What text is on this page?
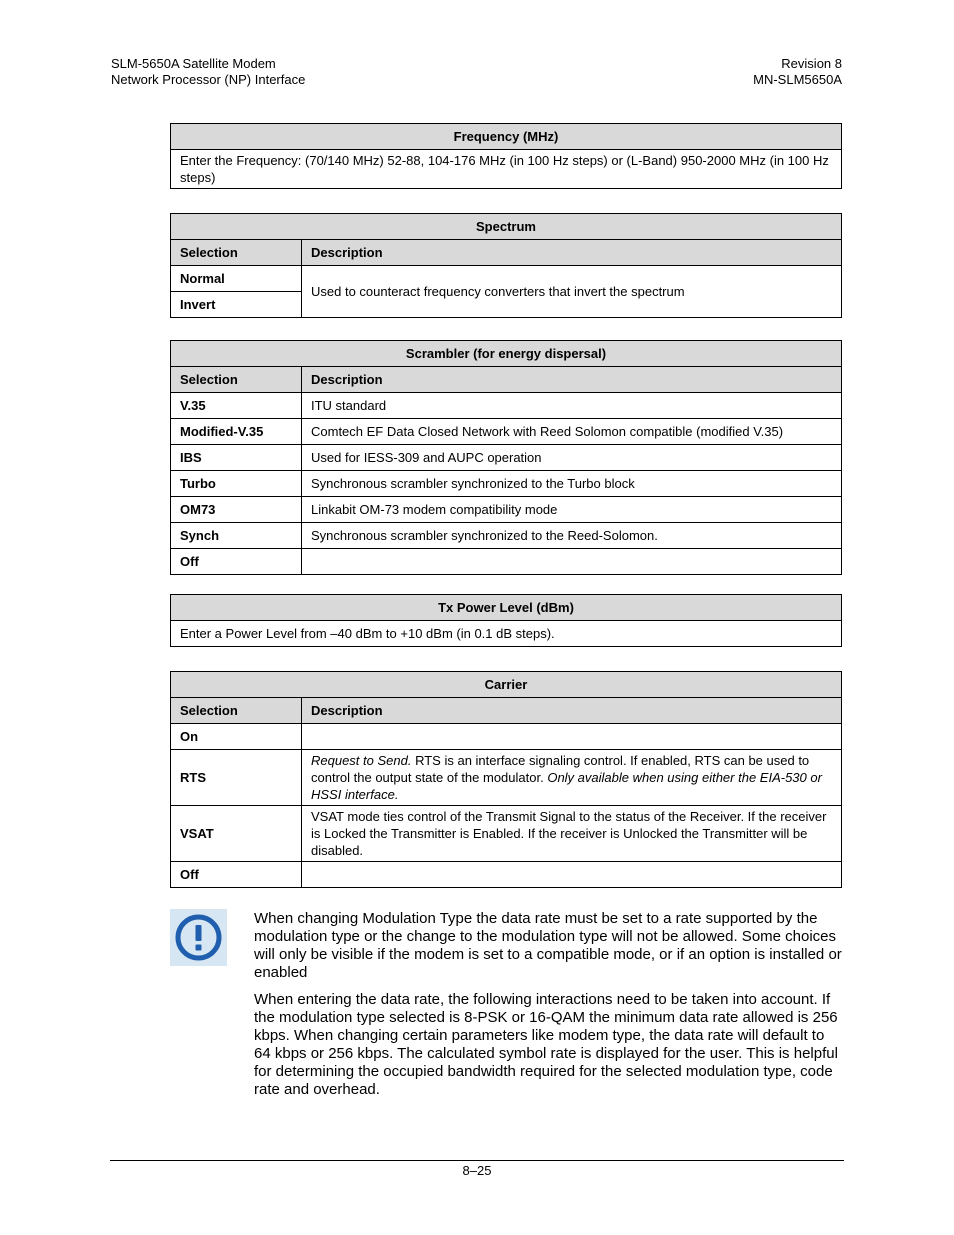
SLM-5650A Satellite Modem
Network Processor (NP) Interface
Revision 8
MN-SLM5650A
Frequency (MHz)
Enter the Frequency: (70/140 MHz) 52-88, 104-176 MHz (in 100 Hz steps) or (L-Band) 950-2000 MHz (in 100 Hz steps)
Spectrum	
Selection	Description
Normal	Used to counteract frequency converters that invert the spectrum
Invert	
Scrambler (for energy dispersal)	
Selection	Description
V.35	ITU standard
Modified-V.35	Comtech EF Data Closed Network with Reed Solomon compatible (modified V.35)
IBS	Used for IESS-309 and AUPC operation
Turbo	Synchronous scrambler synchronized to the Turbo block
OM73	Linkabit OM-73 modem compatibility mode
Synch	Synchronous scrambler synchronized to the Reed-Solomon.
Off	
Tx Power Level (dBm)
Enter a Power Level from –40 dBm to +10 dBm (in 0.1 dB steps).
Carrier	
Selection	Description
On	
RTS	Request to Send. RTS is an interface signaling control. If enabled, RTS can be used to control the output state of the modulator. Only available when using either the EIA-530 or HSSI interface.
VSAT	VSAT mode ties control of the Transmit Signal to the status of the Receiver. If the receiver is Locked the Transmitter is Enabled. If the receiver is Unlocked the Transmitter will be disabled.
Off	
When changing Modulation Type the data rate must be set to a rate supported by the modulation type or the change to the modulation type will not be allowed. Some choices will only be visible if the modem is set to a compatible mode, or if an option is installed or enabled
When entering the data rate, the following interactions need to be taken into account. If the modulation type selected is 8-PSK or 16-QAM the minimum data rate allowed is 256 kbps. When changing certain parameters like modem type, the data rate will default to 64 kbps or 256 kbps. The calculated symbol rate is displayed for the user. This is helpful for determining the occupied bandwidth required for the selected modulation type, code rate and overhead.
8–25
